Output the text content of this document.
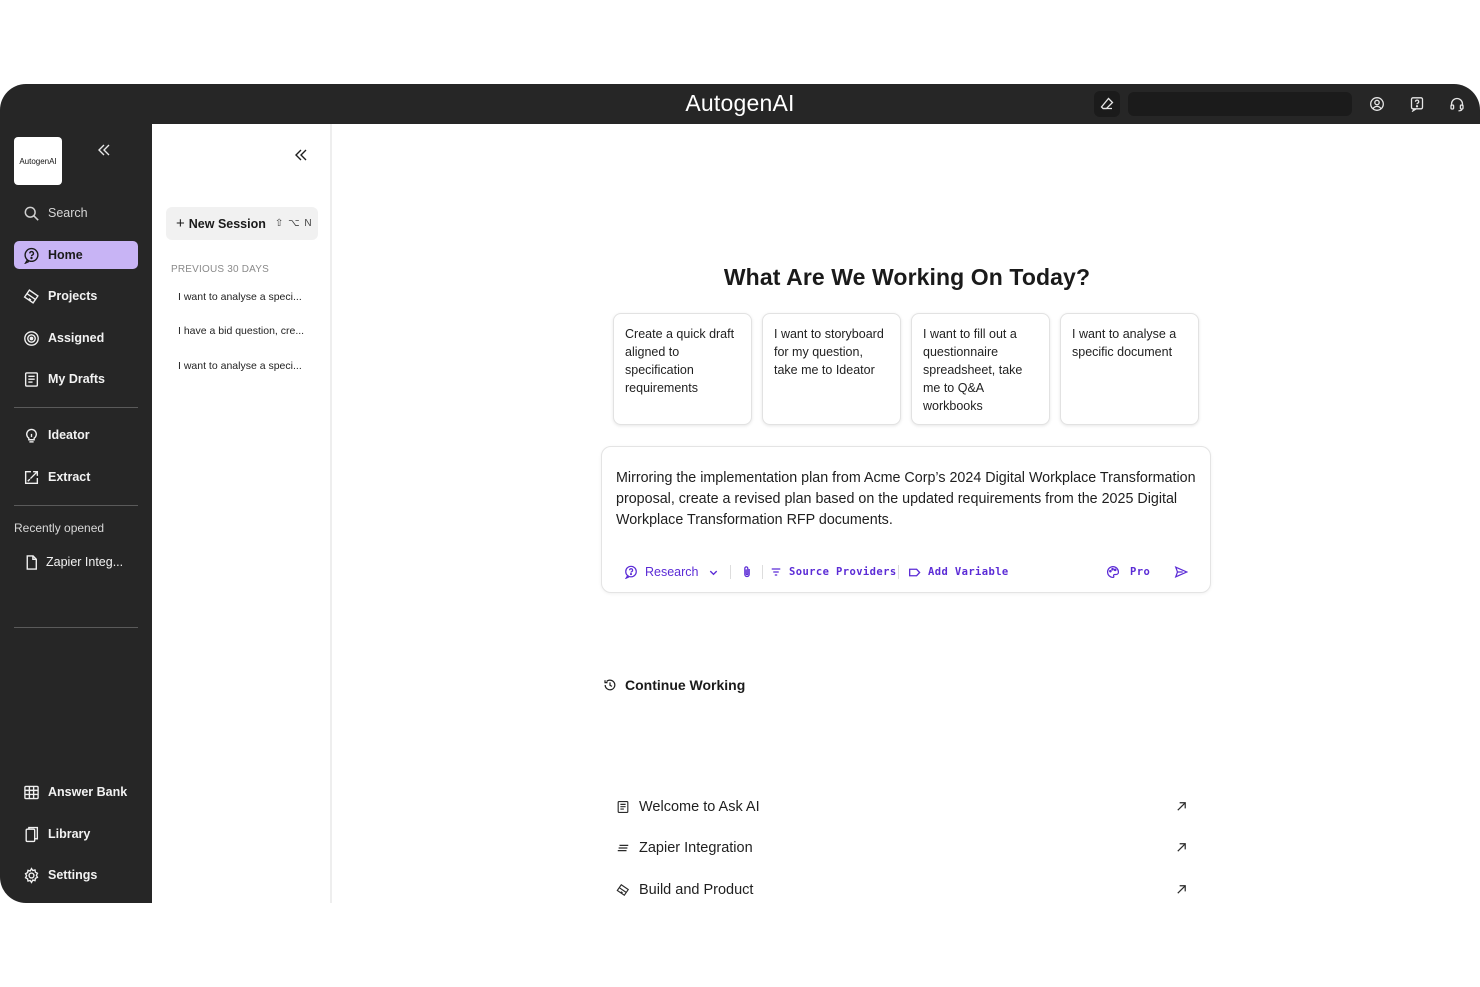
AutogenAI
AutogenAI
Search
Home
Projects
Assigned
My Drafts
Ideator
Extract
Recently opened
Zapier Integ...
Answer Bank
Library
Settings
+ New Session ⇧ ⌥ N
PREVIOUS 30 DAYS
I want to analyse a speci...
I have a bid question, cre...
I want to analyse a speci...
What Are We Working On Today?
Create a quick draft aligned to specification requirements
I want to storyboard for my question, take me to Ideator
I want to fill out a questionnaire spreadsheet, take me to Q&A workbooks
I want to analyse a specific document
Mirroring the implementation plan from Acme Corp’s 2024 Digital Workplace Transformation proposal, create a revised plan based on the updated requirements from the 2025 Digital Workplace Transformation RFP documents.
Research	Source Providers	Add Variable	Pro
Continue Working
Welcome to Ask AI
Zapier Integration
Build and Product
